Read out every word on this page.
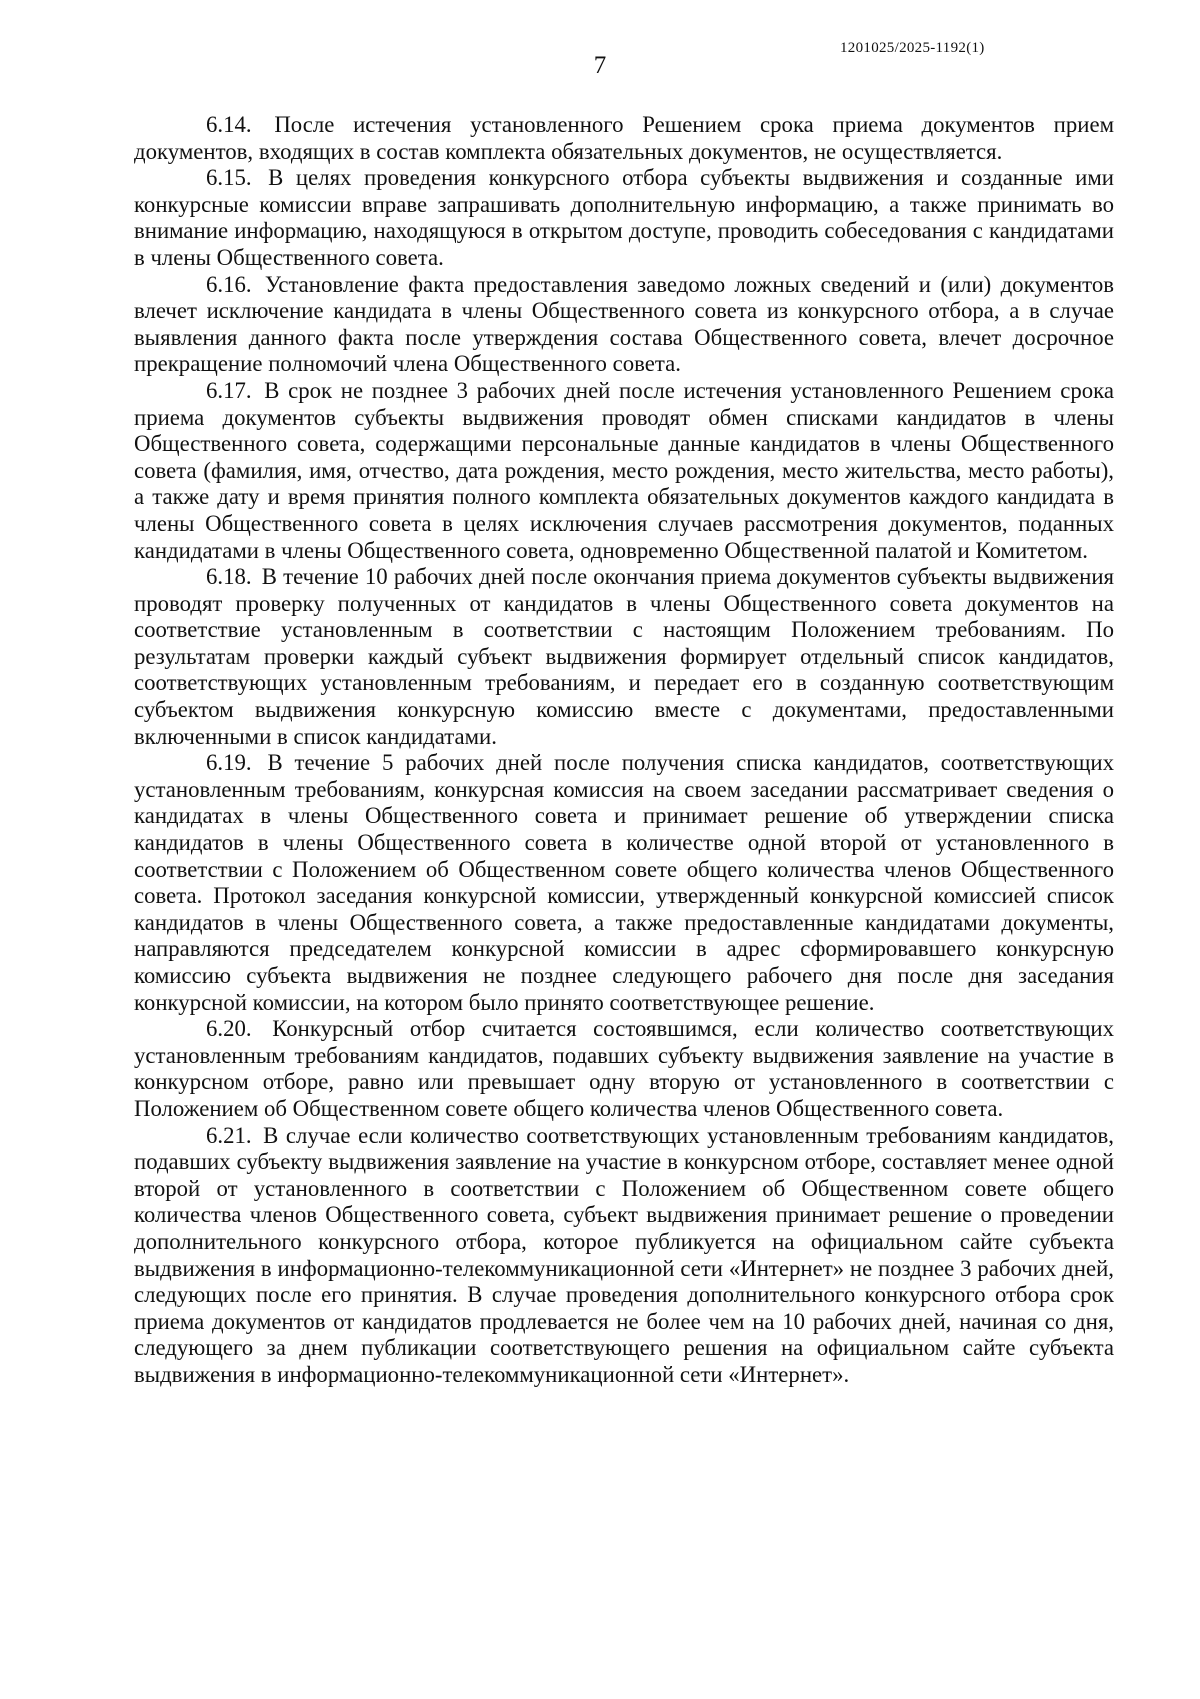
1201025/2025-1192(1)
7

6.14. После истечения установленного Решением срока приема документов прием документов, входящих в состав комплекта обязательных документов, не осуществляется.

6.15. В целях проведения конкурсного отбора субъекты выдвижения и созданные ими конкурсные комиссии вправе запрашивать дополнительную информацию, а также принимать во внимание информацию, находящуюся в открытом доступе, проводить собеседования с кандидатами в члены Общественного совета.

6.16. Установление факта предоставления заведомо ложных сведений и (или) документов влечет исключение кандидата в члены Общественного совета из конкурсного отбора, а в случае выявления данного факта после утверждения состава Общественного совета, влечет досрочное прекращение полномочий члена Общественного совета.

6.17. В срок не позднее 3 рабочих дней после истечения установленного Решением срока приема документов субъекты выдвижения проводят обмен списками кандидатов в члены Общественного совета, содержащими персональные данные кандидатов в члены Общественного совета (фамилия, имя, отчество, дата рождения, место рождения, место жительства, место работы), а также дату и время принятия полного комплекта обязательных документов каждого кандидата в члены Общественного совета в целях исключения случаев рассмотрения документов, поданных кандидатами в члены Общественного совета, одновременно Общественной палатой и Комитетом.

6.18. В течение 10 рабочих дней после окончания приема документов субъекты выдвижения проводят проверку полученных от кандидатов в члены Общественного совета документов на соответствие установленным в соответствии с настоящим Положением требованиям. По результатам проверки каждый субъект выдвижения формирует отдельный список кандидатов, соответствующих установленным требованиям, и передает его в созданную соответствующим субъектом выдвижения конкурсную комиссию вместе с документами, предоставленными включенными в список кандидатами.

6.19. В течение 5 рабочих дней после получения списка кандидатов, соответствующих установленным требованиям, конкурсная комиссия на своем заседании рассматривает сведения о кандидатах в члены Общественного совета и принимает решение об утверждении списка кандидатов в члены Общественного совета в количестве одной второй от установленного в соответствии с Положением об Общественном совете общего количества членов Общественного совета. Протокол заседания конкурсной комиссии, утвержденный конкурсной комиссией список кандидатов в члены Общественного совета, а также предоставленные кандидатами документы, направляются председателем конкурсной комиссии в адрес сформировавшего конкурсную комиссию субъекта выдвижения не позднее следующего рабочего дня после дня заседания конкурсной комиссии, на котором было принято соответствующее решение.

6.20. Конкурсный отбор считается состоявшимся, если количество соответствующих установленным требованиям кандидатов, подавших субъекту выдвижения заявление на участие в конкурсном отборе, равно или превышает одну вторую от установленного в соответствии с Положением об Общественном совете общего количества членов Общественного совета.

6.21. В случае если количество соответствующих установленным требованиям кандидатов, подавших субъекту выдвижения заявление на участие в конкурсном отборе, составляет менее одной второй от установленного в соответствии с Положением об Общественном совете общего количества членов Общественного совета, субъект выдвижения принимает решение о проведении дополнительного конкурсного отбора, которое публикуется на официальном сайте субъекта выдвижения в информационно-телекоммуникационной сети «Интернет» не позднее 3 рабочих дней, следующих после его принятия. В случае проведения дополнительного конкурсного отбора срок приема документов от кандидатов продлевается не более чем на 10 рабочих дней, начиная со дня, следующего за днем публикации соответствующего решения на официальном сайте субъекта выдвижения в информационно-телекоммуникационной сети «Интернет».
